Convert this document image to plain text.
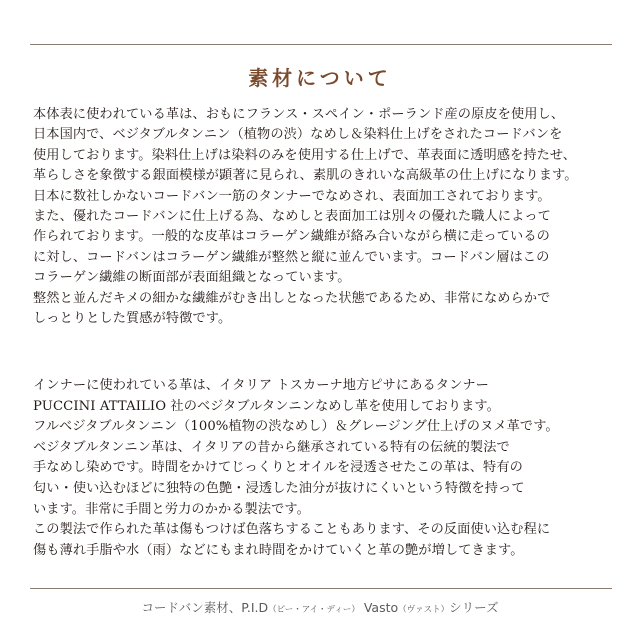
素材について
本体表に使われている革は、おもにフランス・スペイン・ポーランド産の原皮を使用し、
日本国内で、ベジタブルタンニン（植物の渋）なめし＆染料仕上げをされたコードバンを
使用しております。染料仕上げは染料のみを使用する仕上げで、革表面に透明感を持たせ、
革らしさを象徴する銀面模様が顕著に見られ、素肌のきれいな高級革の仕上げになります。
日本に数社しかないコードバン一筋のタンナーでなめされ、表面加工されております。
また、優れたコードバンに仕上げる為、なめしと表面加工は別々の優れた職人によって
作られております。一般的な皮革はコラーゲン繊維が絡み合いながら横に走っているの
に対し、コードバンはコラーゲン繊維が整然と縦に並んでいます。コードバン層はこの
コラーゲン繊維の断面部が表面組織となっています。
整然と並んだキメの細かな繊維がむき出しとなった状態であるため、非常になめらかで
しっとりとした質感が特徴です。
インナーに使われている革は、イタリア トスカーナ地方ピサにあるタンナー
PUCCINI ATTAILIO 社のベジタブルタンニンなめし革を使用しております。
フルベジタブルタンニン（100%植物の渋なめし）＆グレージング仕上げのヌメ革です。
ベジタブルタンニン革は、イタリアの昔から継承されている特有の伝統的製法で
手なめし染めです。時間をかけてじっくりとオイルを浸透させたこの革は、特有の
匂い・使い込むほどに独特の色艶・浸透した油分が抜けにくいという特徴を持って
います。非常に手間と労力のかかる製法です。
この製法で作られた革は傷もつけば色落ちすることもあります、その反面使い込む程に
傷も薄れ手脂や水（雨）などにもまれ時間をかけていくと革の艶が増してきます。
コードバン素材、P.I.D（ピー・アイ・ディー） Vasto（ヴァスト）シリーズ
